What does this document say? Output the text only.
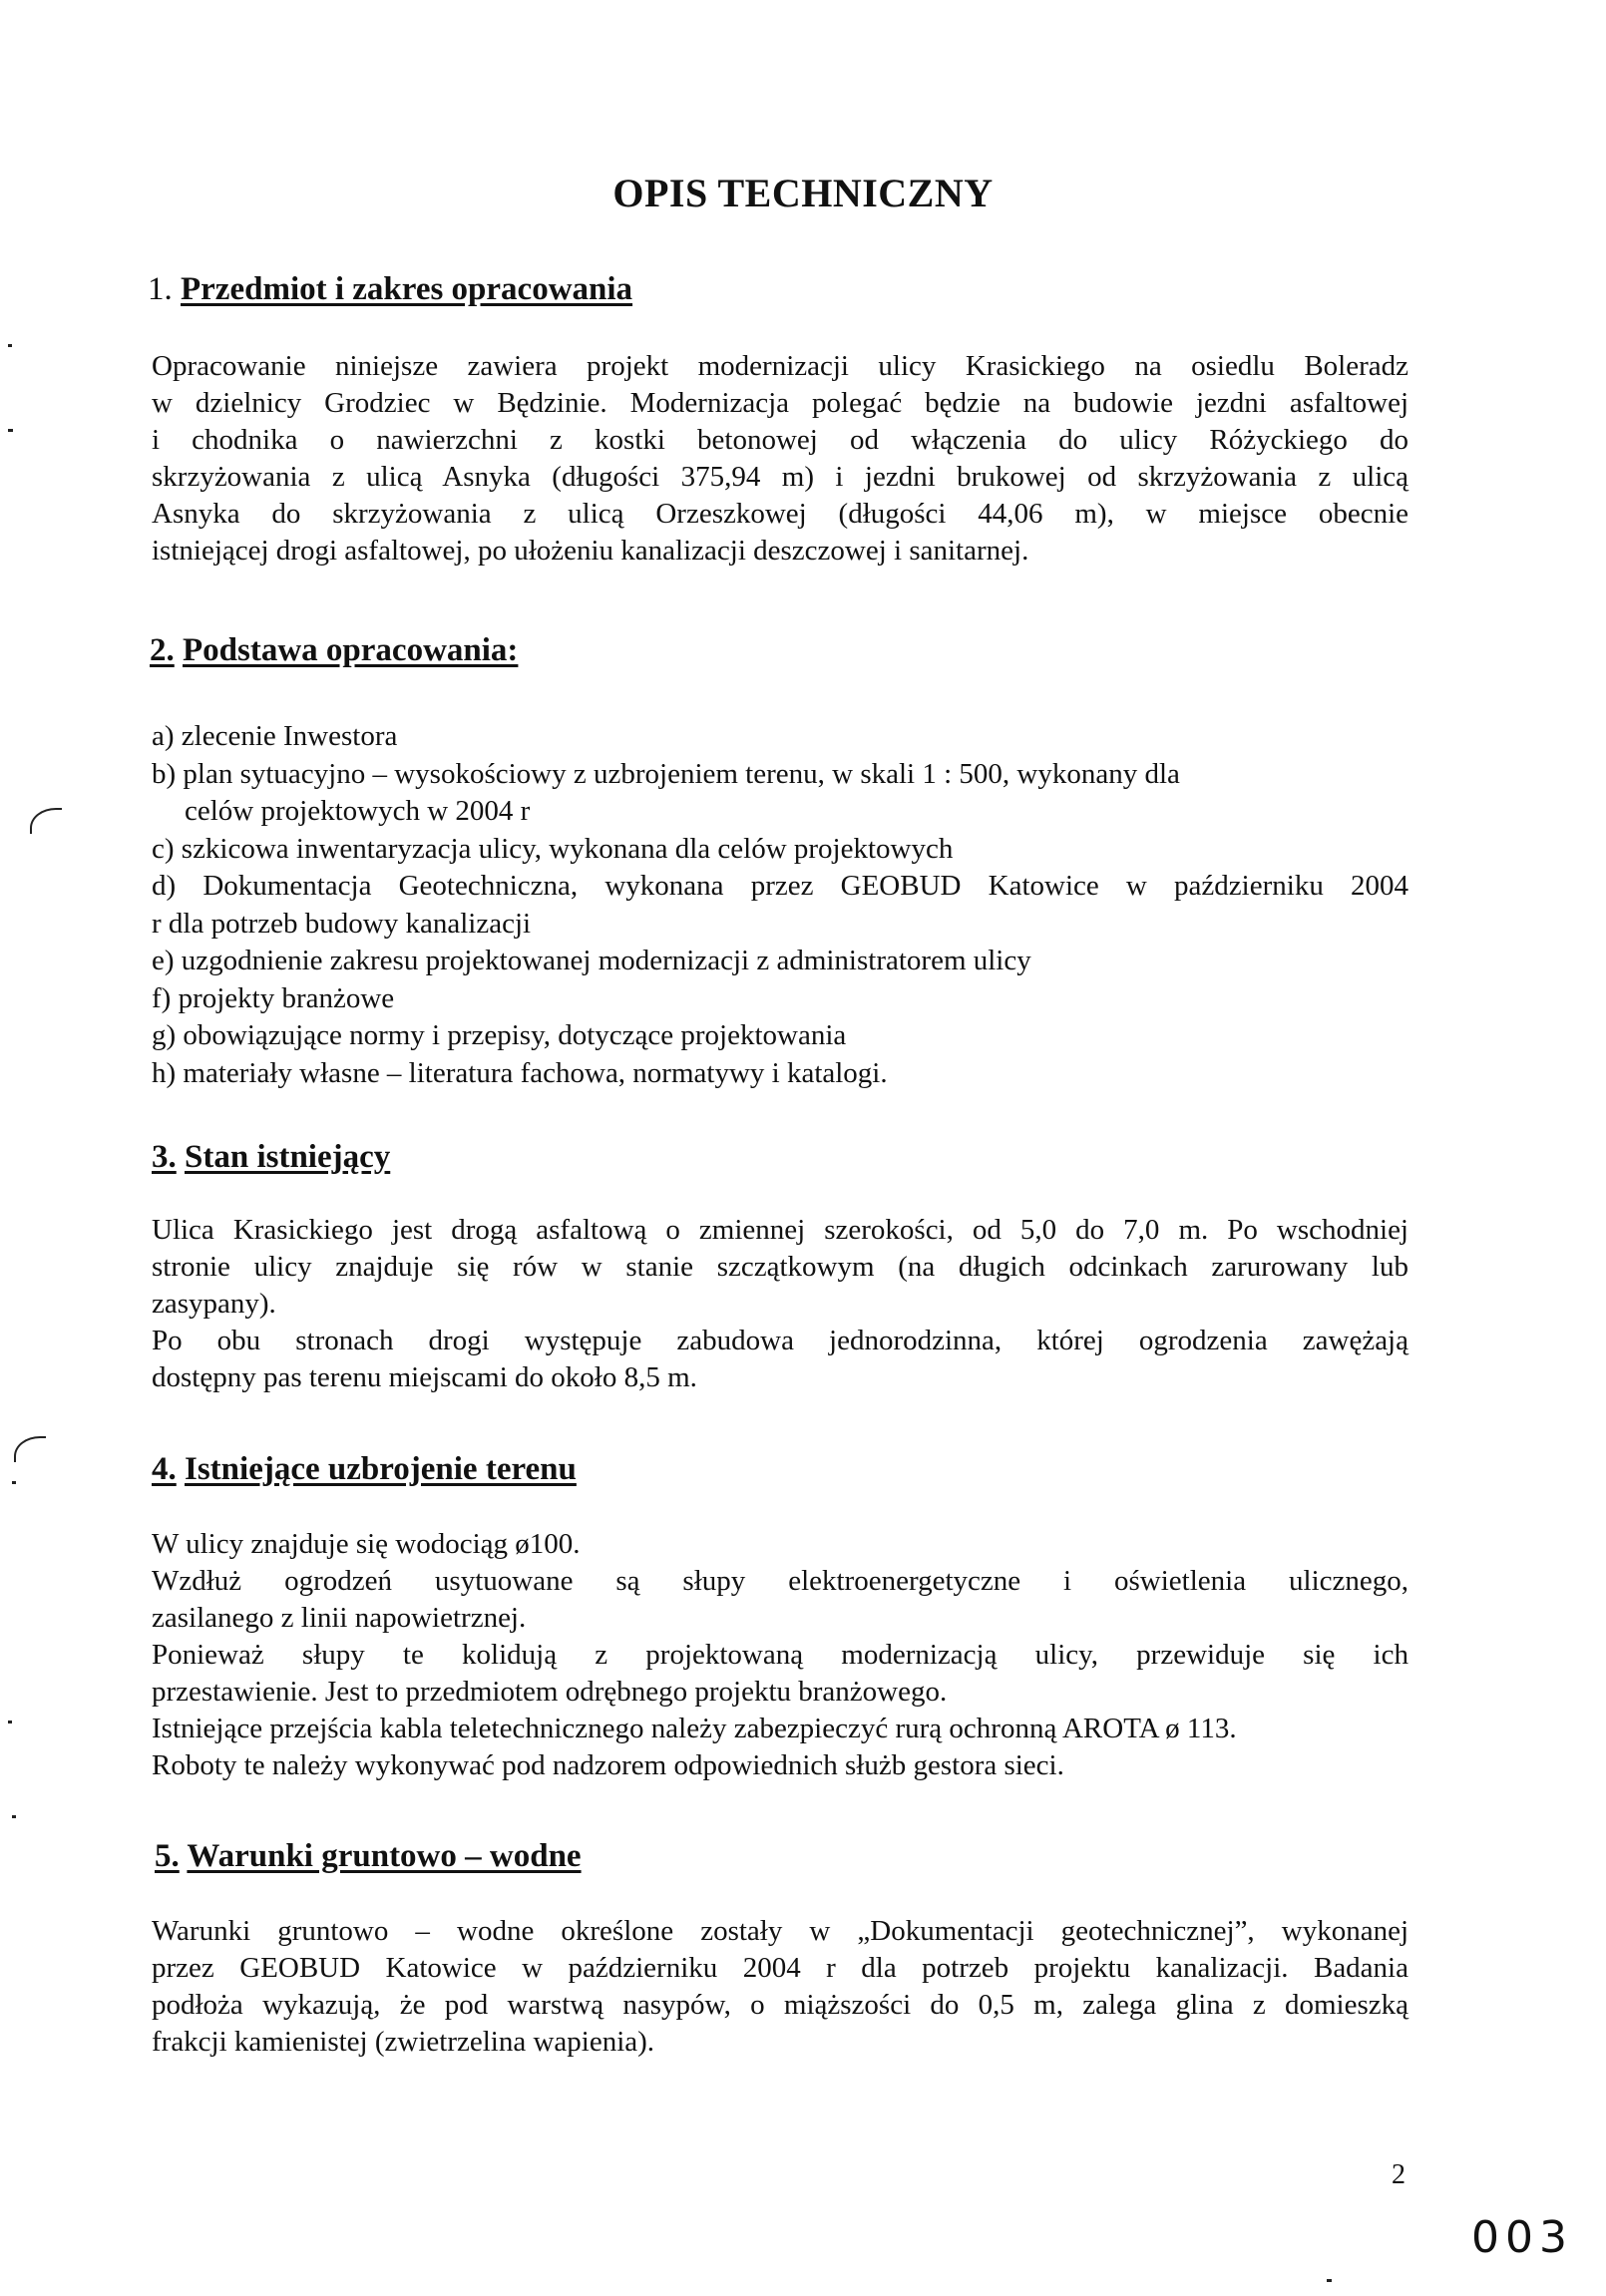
OPIS TECHNICZNY
1. Przedmiot i zakres opracowania
Opracowanie niniejsze zawiera projekt modernizacji ulicy Krasickiego na osiedlu Boleradz
w dzielnicy Grodziec w Będzinie. Modernizacja polegać będzie na budowie jezdni asfaltowej
i chodnika o nawierzchni z kostki betonowej od włączenia do ulicy Różyckiego do
skrzyżowania z ulicą Asnyka (długości 375,94 m) i jezdni brukowej od skrzyżowania z ulicą
Asnyka do skrzyżowania z ulicą Orzeszkowej (długości 44,06 m), w miejsce obecnie
istniejącej drogi asfaltowej, po ułożeniu kanalizacji deszczowej i sanitarnej.
2. Podstawa opracowania:
a) zlecenie Inwestora
b) plan sytuacyjno – wysokościowy z uzbrojeniem terenu, w skali 1 : 500, wykonany dla
celów projektowych w 2004 r
c) szkicowa inwentaryzacja ulicy, wykonana dla celów projektowych
d) Dokumentacja Geotechniczna, wykonana przez GEOBUD Katowice w październiku 2004
r dla potrzeb budowy kanalizacji
e) uzgodnienie zakresu projektowanej modernizacji z administratorem ulicy
f) projekty branżowe
g) obowiązujące normy i przepisy, dotyczące projektowania
h) materiały własne – literatura fachowa, normatywy i katalogi.
3. Stan istniejący
Ulica Krasickiego jest drogą asfaltową o zmiennej szerokości, od 5,0 do 7,0 m. Po wschodniej
stronie ulicy znajduje się rów w stanie szczątkowym (na długich odcinkach zarurowany lub
zasypany).
Po obu stronach drogi występuje zabudowa jednorodzinna, której ogrodzenia zawężają
dostępny pas terenu miejscami do około 8,5 m.
4. Istniejące uzbrojenie terenu
W ulicy znajduje się wodociąg ø100.
Wzdłuż ogrodzeń usytuowane są słupy elektroenergetyczne i oświetlenia ulicznego,
zasilanego z linii napowietrznej.
Ponieważ słupy te kolidują z projektowaną modernizacją ulicy, przewiduje się ich
przestawienie. Jest to przedmiotem odrębnego projektu branżowego.
Istniejące przejścia kabla teletechnicznego należy zabezpieczyć rurą ochronną AROTA ø 113.
Roboty te należy wykonywać pod nadzorem odpowiednich służb gestora sieci.
5. Warunki gruntowo – wodne
Warunki gruntowo – wodne określone zostały w „Dokumentacji geotechnicznej”, wykonanej
przez GEOBUD Katowice w październiku 2004 r dla potrzeb projektu kanalizacji. Badania
podłoża wykazują, że pod warstwą nasypów, o miąższości do 0,5 m, zalega glina z domieszką
frakcji kamienistej (zwietrzelina wapienia).
2
003
